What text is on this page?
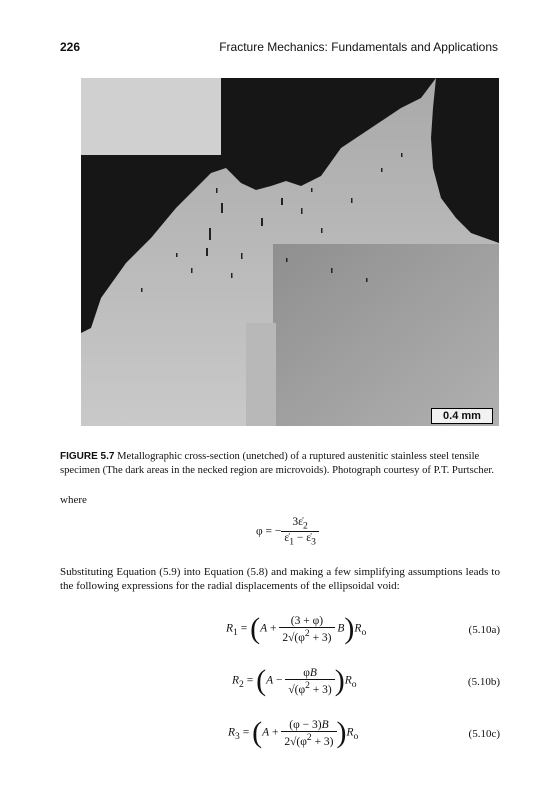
226	Fracture Mechanics: Fundamentals and Applications
0.4 mm
FIGURE 5.7 Metallographic cross-section (unetched) of a ruptured austenitic stainless steel tensile specimen (The dark areas in the necked region are microvoids). Photograph courtesy of P.T. Purtscher.
where
φ = − $\frac{3\varepsiloṅ_2}{\varepsiloṅ_1 - \varepsiloṅ_3}$
Substituting Equation (5.9) into Equation (5.8) and making a few simplifying assumptions leads to the following expressions for the radial displacements of the ellipsoidal void:
$R_1 = (A + \frac{(3 + \varphi)}{2√(\varphi^2 + 3)} B)R_o$	(5.10a)
$R_2 = (A - \frac{\varphi B}{√(\varphi^2 + 3)} )R_o$	(5.10b)
$R_3 = (A + \frac{(\varphi - 3)B}{2√(\varphi^2 + 3)} )R_o$	(5.10c)
